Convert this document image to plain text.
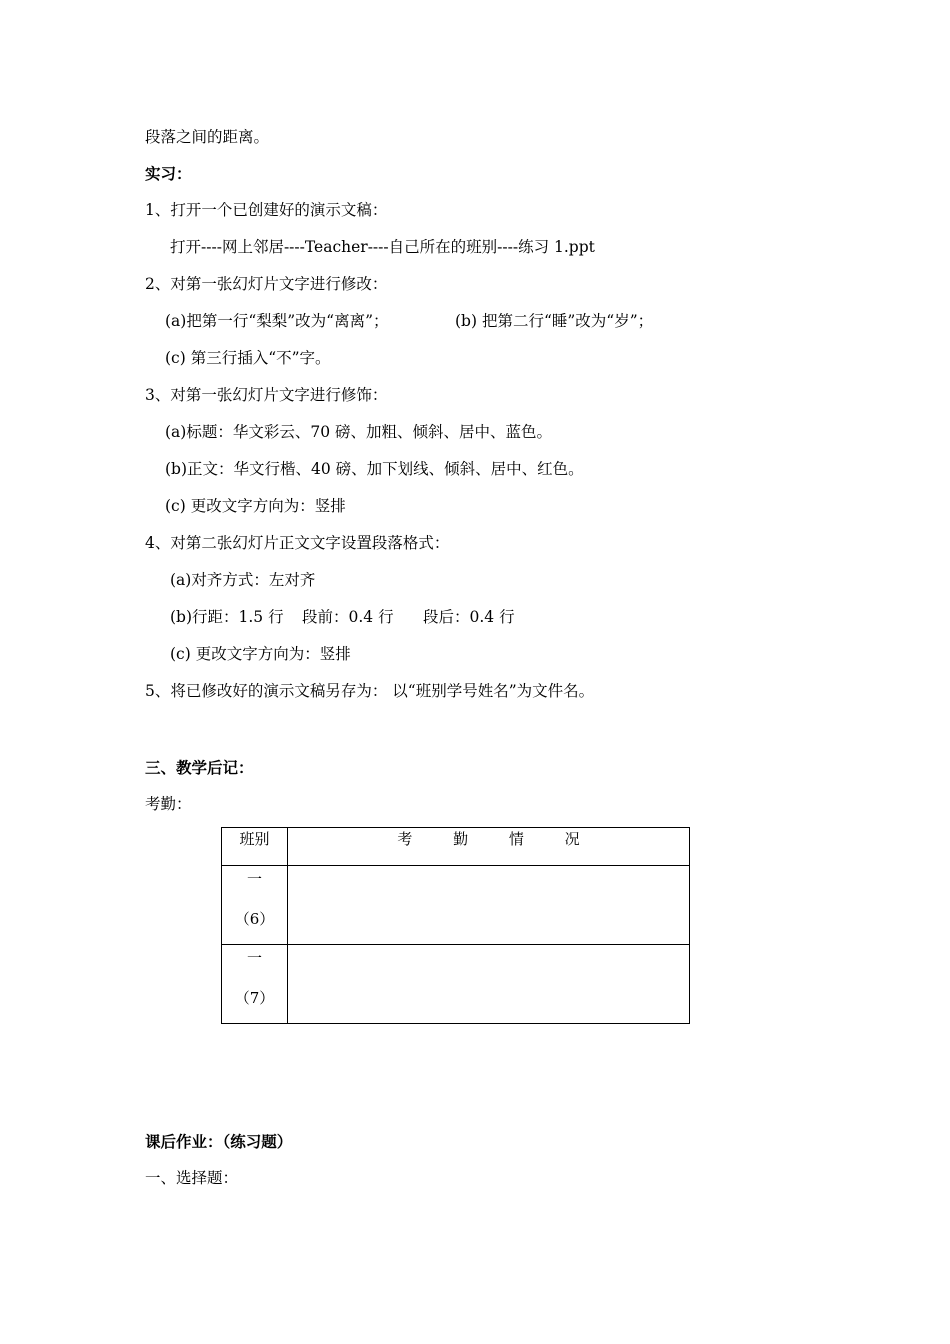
段落之间的距离。
实习：
1、打开一个已创建好的演示文稿：
打开----网上邻居----Teacher----自己所在的班别----练习 1.ppt
2、对第一张幻灯片文字进行修改：
(a)把第一行“梨梨”改为“离离”；	(b) 把第二行“睡”改为“岁”；
(c) 第三行插入“不”字。
3、对第一张幻灯片文字进行修饰：
(a)标题：华文彩云、70 磅、加粗、倾斜、居中、蓝色。
(b)正文：华文行楷、40 磅、加下划线、倾斜、居中、红色。
(c) 更改文字方向为：竖排
4、对第二张幻灯片正文文字设置段落格式：
(a)对齐方式：左对齐
(b)行距：1.5 行 段前：0.4 行 段后：0.4 行
(c) 更改文字方向为：竖排
5、将已修改好的演示文稿另存为： 以“班别学号姓名”为文件名。
三、教学后记：
考勤：
班别	考 勤 情 况

一
（6）	

一
（7）	

课后作业：（练习题）
一、选择题：
